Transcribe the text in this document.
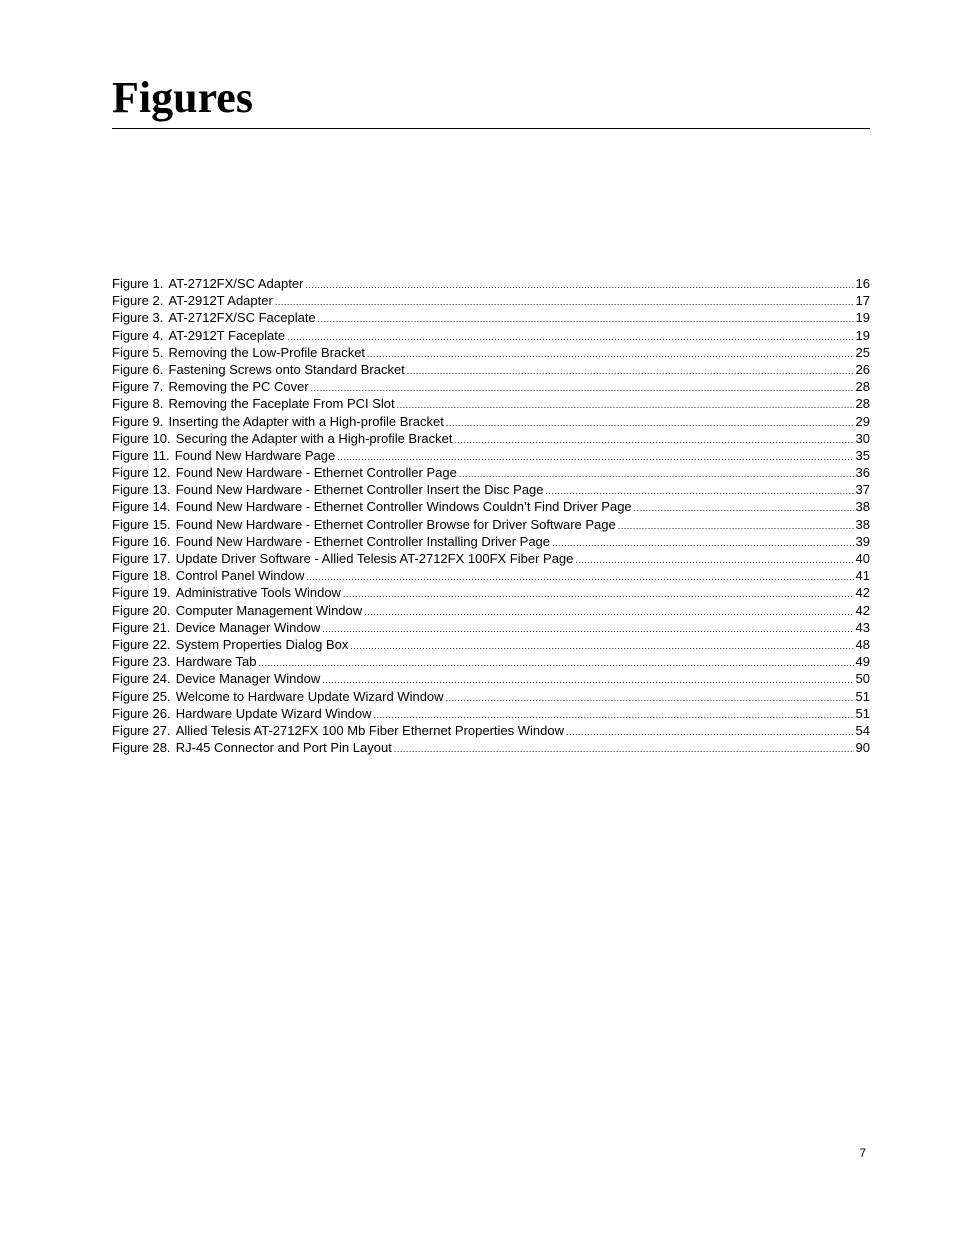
Figures
Figure 1. AT-2712FX/SC Adapter .....	16
Figure 2. AT-2912T Adapter .....	17
Figure 3. AT-2712FX/SC Faceplate .....	19
Figure 4. AT-2912T Faceplate .....	19
Figure 5. Removing the Low-Profile Bracket .....	25
Figure 6. Fastening Screws onto Standard Bracket .....	26
Figure 7. Removing the PC Cover .....	28
Figure 8. Removing the Faceplate From PCI Slot .....	28
Figure 9. Inserting the Adapter with a High-profile Bracket .....	29
Figure 10. Securing the Adapter with a High-profile Bracket .....	30
Figure 11. Found New Hardware Page .....	35
Figure 12. Found New Hardware - Ethernet Controller Page .....	36
Figure 13. Found New Hardware - Ethernet Controller Insert the Disc Page .....	37
Figure 14. Found New Hardware - Ethernet Controller Windows Couldn’t Find Driver Page .....	38
Figure 15. Found New Hardware - Ethernet Controller Browse for Driver Software Page .....	38
Figure 16. Found New Hardware - Ethernet Controller Installing Driver Page .....	39
Figure 17. Update Driver Software - Allied Telesis AT-2712FX 100FX Fiber Page .....	40
Figure 18. Control Panel Window .....	41
Figure 19. Administrative Tools Window .....	42
Figure 20. Computer Management Window .....	42
Figure 21. Device Manager Window .....	43
Figure 22. System Properties Dialog Box .....	48
Figure 23. Hardware Tab .....	49
Figure 24. Device Manager Window .....	50
Figure 25. Welcome to Hardware Update Wizard Window .....	51
Figure 26. Hardware Update Wizard Window .....	51
Figure 27. Allied Telesis AT-2712FX 100 Mb Fiber Ethernet Properties Window .....	54
Figure 28. RJ-45 Connector and Port Pin Layout .....	90

7
